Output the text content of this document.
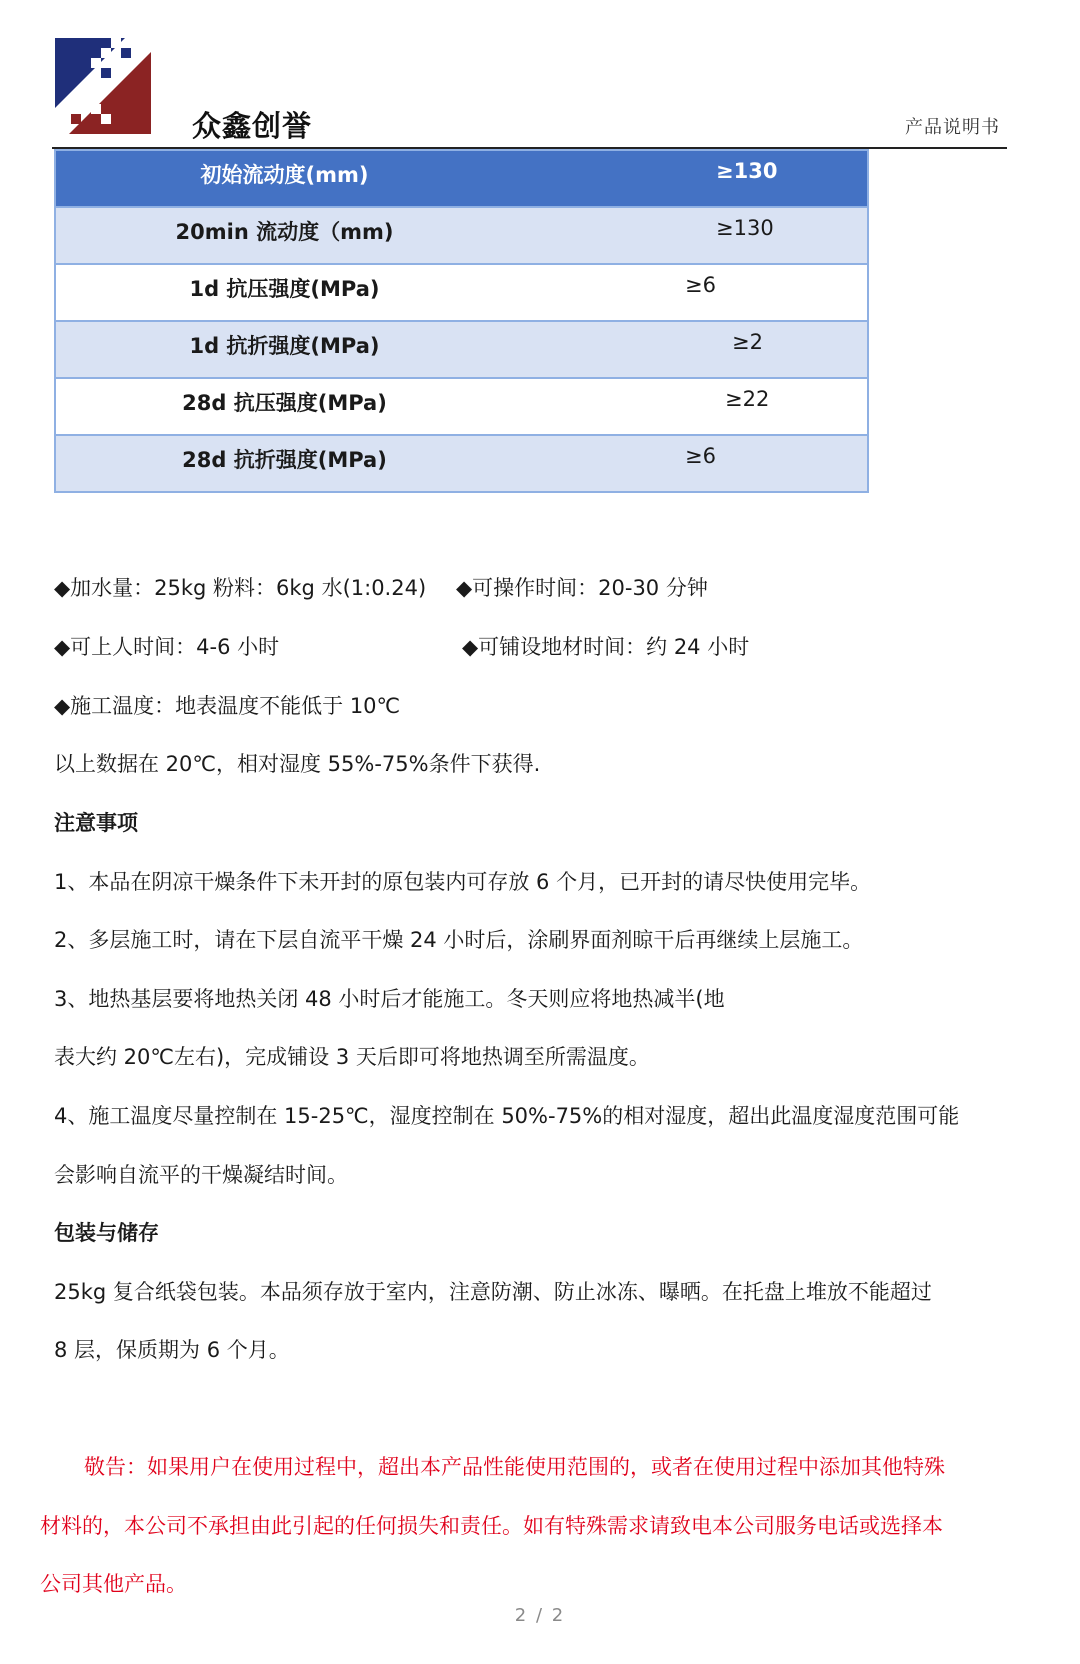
众鑫创誉	产品说明书
初始流动度(mm)	≥130
20min 流动度（mm)	≥130
1d 抗压强度(MPa)	≥6
1d 抗折强度(MPa)	≥2
28d 抗压强度(MPa)	≥22
28d 抗折强度(MPa)	≥6
◆加水量：25kg 粉料：6kg 水(1:0.24) ◆可操作时间：20-30 分钟
◆可上人时间：4-6 小时	◆可铺设地材时间：约 24 小时
◆施工温度：地表温度不能低于 10℃
以上数据在 20℃，相对湿度 55%-75%条件下获得.
注意事项
1、本品在阴凉干燥条件下未开封的原包装内可存放 6 个月，已开封的请尽快使用完毕。
2、多层施工时，请在下层自流平干燥 24 小时后，涂刷界面剂晾干后再继续上层施工。
3、地热基层要将地热关闭 48 小时后才能施工。冬天则应将地热减半(地
表大约 20℃左右)，完成铺设 3 天后即可将地热调至所需温度。
4、施工温度尽量控制在 15-25℃，湿度控制在 50%-75%的相对湿度，超出此温度湿度范围可能
会影响自流平的干燥凝结时间。
包装与储存
25kg 复合纸袋包装。本品须存放于室内，注意防潮、防止冰冻、曝晒。在托盘上堆放不能超过
8 层，保质期为 6 个月。
敬告：如果用户在使用过程中，超出本产品性能使用范围的，或者在使用过程中添加其他特殊
材料的，本公司不承担由此引起的任何损失和责任。如有特殊需求请致电本公司服务电话或选择本
公司其他产品。
2 / 2
